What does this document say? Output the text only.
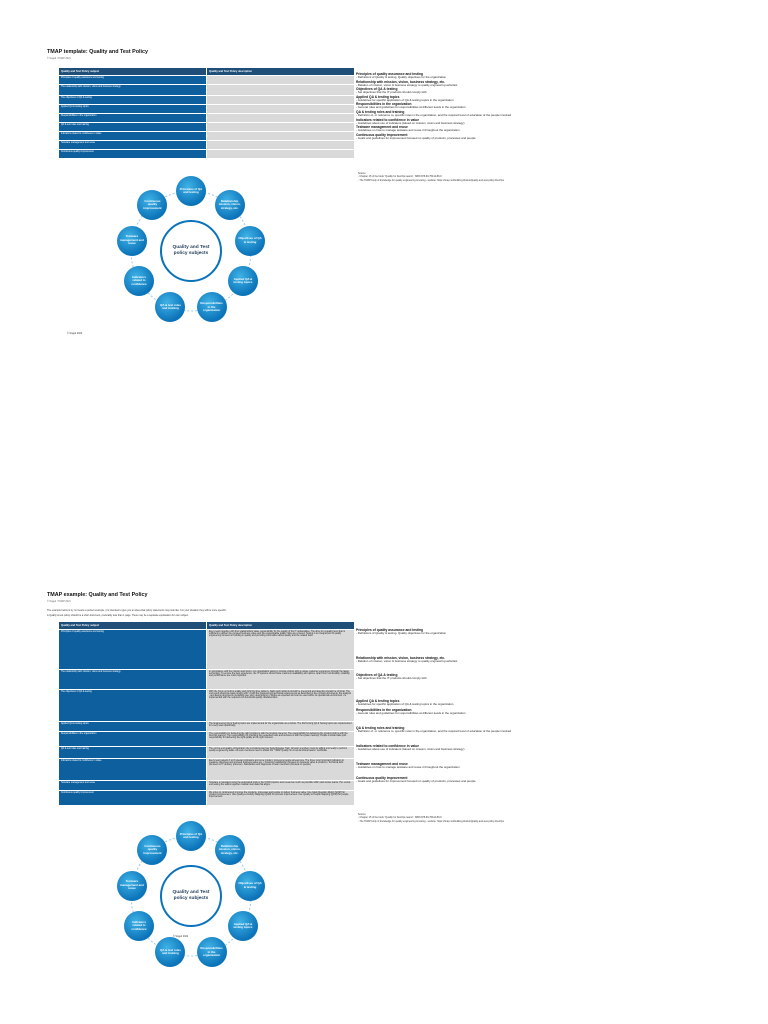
TMAP template: Quality and Test Policy
© Sogeti / TMAP 2021
Quality and Test Policy subject	Quality and Test Policy description
Principles of quality assurance and testing	
The relationship with mission, vision and business strategy	
The objectives of QA & testing	
Applied QA & testing topics	
Responsibilities in the organization	
QA & test roles and training	
Indicators related to confidence in value	
Testware management and reuse	
Continuous quality improvement	
Principles of quality assurance and testing
- Definitions of Quality & testing, Quality objectives for the organization
Relationship with mission, vision, business strategy, etc.
- Relation of mission, vision & business strategy to quality engineering activities
Objectives of QA & testing
- Set objectives that the IT products should comply with
Applied QA & testing topics
- Guidelines for specific application of QA & testing topics in the organization
Responsibilities in the organization
- General rules and guidelines for responsibilities at different levels in the organization
QA & testing roles and training
- Definition of, or reference to, specific roles in the organization, and the required level of education of the people involved
Indicators related to confidence in value
- Guidelines about use of indicators (based on mission, vision and business strategy)
Testware management and reuse
- Guidelines on how to manage testware and reuse it throughout the organization
Continuous quality improvement
- Goals and guidelines for improvement focused on quality of products, processes and people
Source:
- Chapter 15 of the book "Quality for DevOps teams", ISBN 978-90-75414-89-9
- The TMAP body of knowledge for quality engineering & testing - website: https://tmap.net/building-blocks/Quality-and-test-policy-DevOps
Quality and Test policy subjects
Principles of QA and testing
Relationship mission, vision, strategy, etc.
Objectives of QA & testing
Applied QA & testing topics
Responsibilities in the organization
QA & test roles and training
Indicators related to confidence
Testware management and reuse
Continuous quality improvement
© Sogeti 2022
TMAP example: Quality and Test Policy
© Sogeti / TMAP 2021
The example below is by no means a perfect example, it is intended to give you an idea what policy statements may look like. For your situation they will be more specific.
A Quality & test policy should be a short document, preferably less than 1 page. There may be a separate explanation for own subject.
Quality and Test Policy subject	Quality and Test Policy description
Principles of quality assurance and testing	Every team together with their stakeholders takes responsibility for the quality of the IT deliverables. The drive for a quality level that is sufficient to deliver the pursued business value and the unacceptable quality risks are covered. Testing is an integral part of quality engineering focused on building in quality and providing information about quality and the related risks.
The relationship with mission, vision and business strategy	In accordance with the mission and vision, our organization wants to provide visitors with a unique customer experience through the latest technology. To ensure the best experience, the IT systems should have maximum availability and uptime. Apart from functionality, reliability and performance are most important.
The objectives of QA & testing	With the focus on built-in quality and right first time delivery, faults and incidents should be prevented and detection should be minimal. The end result should as least comply with: • Fulfil the business and technical requirements as described in the contract documents, the analysis - and design documents (including user story descriptions) • Works as expected and can be used within its operational environment • Is implemented with the required non-functional quality characteristics
Applied QA & testing topics	The Engineering QA & Testing topics are implemented for the organization as a whole. The Performing QA & Testing topics are implemented for every team specifically.
Responsibilities in the organization	The responsibility for delivering the right product is with the product owner(s). The responsibility for delivering the product right is with the DevOps team(s). The responsibility for providing the requested tools and services is with the system team(s). People involved take joint responsibility for delivering the right quality at the right moment.
QA & test roles and training	The end-to-end quality orchestrator role is implemented per Agile Release Train. All team members must be willing and ready to perform quality engineering tasks. All team members need to obtain the "TMAP Quality for cross-functional teams" certificate.
Indicators related to confidence in value	Every team selects 3 to 8 relevant indicators and once product, process & people at least one. The three most important indicators to measure objectives and pursued business value are: • Customer satisfaction (focused on business value & product) • Technical debt (focused on IT delivery process) • Satisfaction and happiness of team members (focused on people)
Testware management and reuse	Testware is managed using the automated tools in the CI/CD pipeline and reused as much as possible within and across teams. Per end-to-end testing the teams together maintain test data that aligns.
Continuous quality improvement	We strive to continuously improve the products, processes and people to deliver business value. Use Goal-Question-Metric (GQM) for product improvement. Use Quality-to-Activity Mapping (QAM) for process improvement. Use Quality to People Mapping (QPM) for people improvement.
Principles of quality assurance and testing
- Definitions of Quality & testing, Quality objectives for the organization
Relationship with mission, vision, business strategy, etc.
- Relation of mission, vision & business strategy to quality engineering activities
Objectives of QA & testing
- Set objectives that the IT products should comply with
Applied QA & testing topics
- Guidelines for specific application of QA & testing topics in the organization
Responsibilities in the organization
- General rules and guidelines for responsibilities at different levels in the organization
QA & testing roles and training
- Definition of, or reference to, specific roles in the organization, and the required level of education of the people involved
Indicators related to confidence in value
- Guidelines about use of indicators (based on mission, vision and business strategy)
Testware management and reuse
- Guidelines on how to manage testware and reuse it throughout the organization
Continuous quality improvement
- Goals and guidelines for improvement focused on quality of products, processes and people
Source:
- Chapter 15 of the book "Quality for DevOps teams", ISBN 978-90-75414-89-9
- The TMAP body of knowledge for quality engineering & testing - website: https://tmap.net/building-blocks/Quality-and-test-policy-DevOps
Quality and Test policy subjects
Principles of QA and testing
Relationship mission, vision, strategy, etc.
Objectives of QA & testing
Applied QA & testing topics
Responsibilities in the organization
QA & test roles and training
Indicators related to confidence
Testware management and reuse
Continuous quality improvement
© Sogeti 2022
